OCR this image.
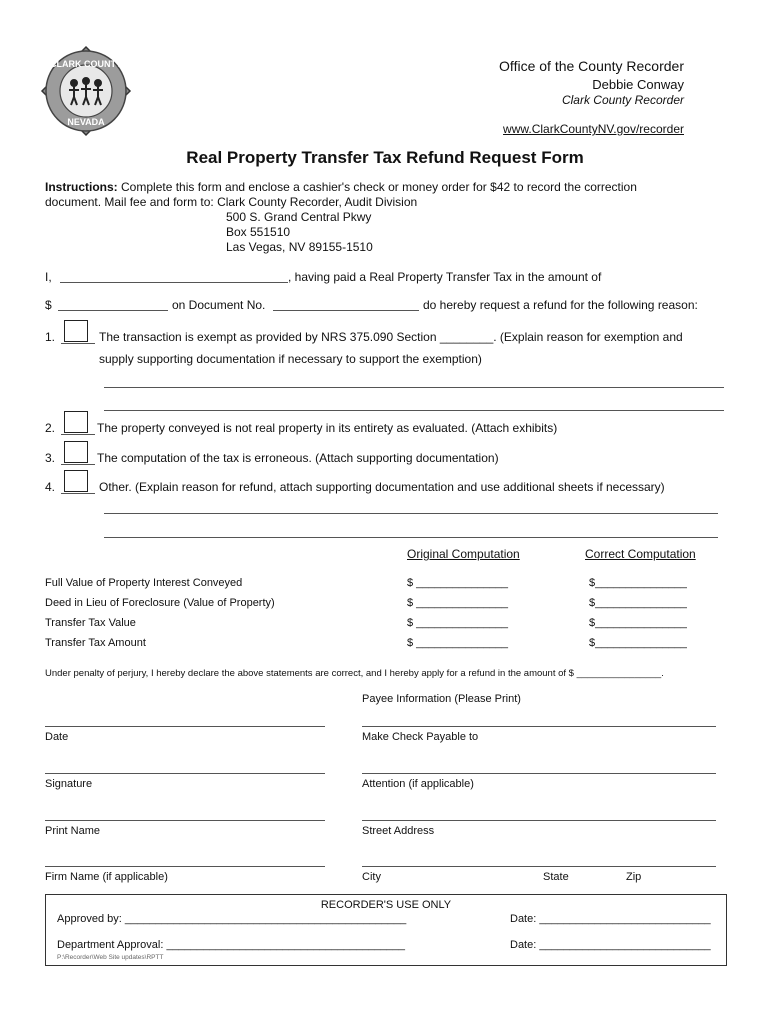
CLARK COUNTY
NEVADA
Office of the County Recorder
Debbie Conway
Clark County Recorder
www.ClarkCountyNV.gov/recorder
Real Property Transfer Tax Refund Request Form
Instructions: Complete this form and enclose a cashier's check or money order for $42 to record the correction
document. Mail fee and form to: Clark County Recorder, Audit Division
500 S. Grand Central Pkwy
Box 551510
Las Vegas, NV 89155-1510
I,	, having paid a Real Property Transfer Tax in the amount of
$	on Document No.	do hereby request a refund for the following reason:
1.	The transaction is exempt as provided by NRS 375.090 Section ________. (Explain reason for exemption and
supply supporting documentation if necessary to support the exemption)
2.	The property conveyed is not real property in its entirety as evaluated. (Attach exhibits)
3.	The computation of the tax is erroneous. (Attach supporting documentation)
4.	Other. (Explain reason for refund, attach supporting documentation and use additional sheets if necessary)
Original Computation	Correct Computation
Full Value of Property Interest Conveyed	$ _______________	$_______________
Deed in Lieu of Foreclosure (Value of Property)	$ _______________	$_______________
Transfer Tax Value	$ _______________	$_______________
Transfer Tax Amount	$ _______________	$_______________
Under penalty of perjury, I hereby declare the above statements are correct, and I hereby apply for a refund in the amount of $ ________________.
Payee Information (Please Print)
Date	Make Check Payable to
Signature	Attention (if applicable)
Print Name	Street Address
Firm Name (if applicable)	City	State	Zip
RECORDER'S USE ONLY
Approved by: ______________________________________________	Date: ____________________________
Department Approval: _______________________________________	Date: ____________________________
P:\Recorder\Web Site updates\RPTT
